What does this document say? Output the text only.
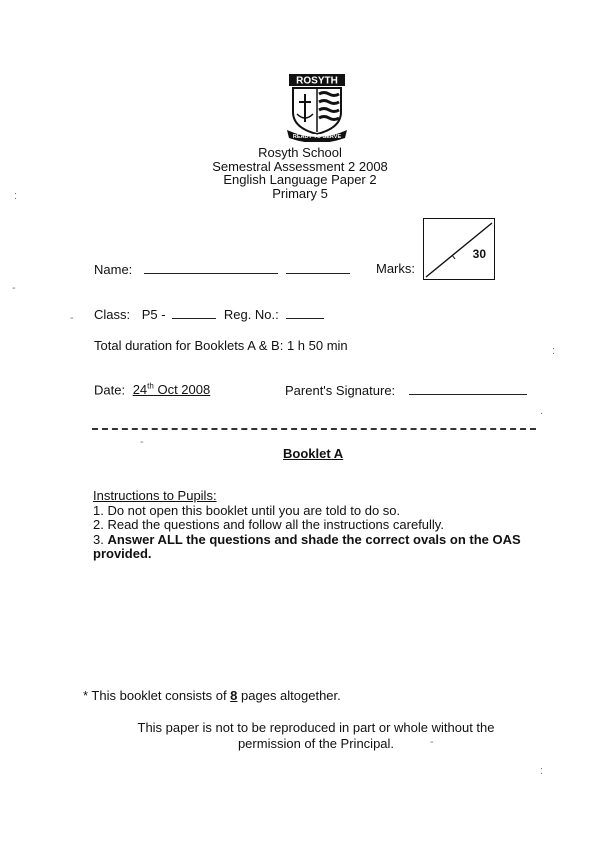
ROSYTH
READY TO SERVE
Rosyth School
Semestral Assessment 2 2008
English Language Paper 2
Primary 5
Name:	Marks:
30
Class: P5 -	Reg. No.:
Total duration for Booklets A & B: 1 h 50 min
Date: 24th Oct 2008	Parent's Signature:
Booklet A
Instructions to Pupils:
1. Do not open this booklet until you are told to do so.
2. Read the questions and follow all the instructions carefully.
3. Answer ALL the questions and shade the correct ovals on the OAS provided.
* This booklet consists of 8 pages altogether.
This paper is not to be reproduced in part or whole without the permission of the Principal.
:
-
-
-
:
.
:
-
